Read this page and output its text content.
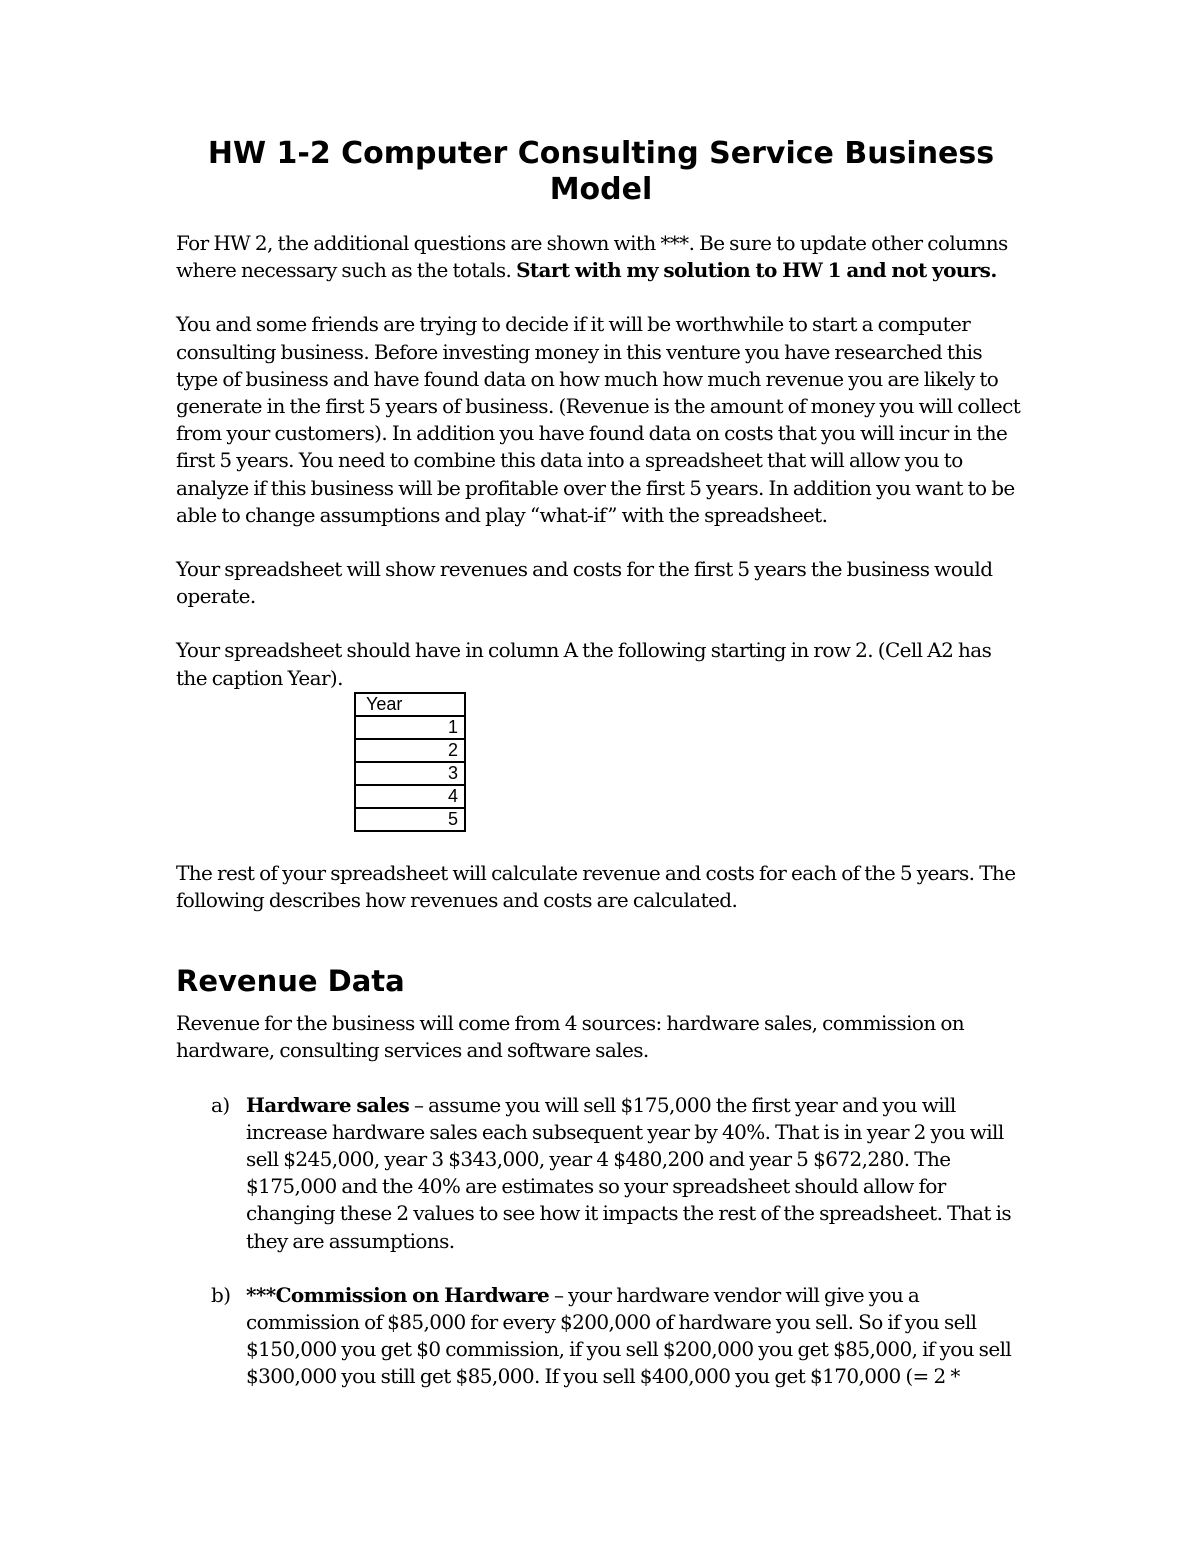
HW 1-2 Computer Consulting Service Business Model

For HW 2, the additional questions are shown with ***. Be sure to update other columns where necessary such as the totals. Start with my solution to HW 1 and not yours.

You and some friends are trying to decide if it will be worthwhile to start a computer consulting business. Before investing money in this venture you have researched this type of business and have found data on how much how much revenue you are likely to generate in the first 5 years of business. (Revenue is the amount of money you will collect from your customers). In addition you have found data on costs that you will incur in the first 5 years. You need to combine this data into a spreadsheet that will allow you to analyze if this business will be profitable over the first 5 years. In addition you want to be able to change assumptions and play “what-if” with the spreadsheet.

Your spreadsheet will show revenues and costs for the first 5 years the business would operate.

Your spreadsheet should have in column A the following starting in row 2. (Cell A2 has the caption Year).

Year
1
2
3
4
5

The rest of your spreadsheet will calculate revenue and costs for each of the 5 years. The following describes how revenues and costs are calculated.

Revenue Data

Revenue for the business will come from 4 sources: hardware sales, commission on hardware, consulting services and software sales.

a) Hardware sales – assume you will sell $175,000 the first year and you will increase hardware sales each subsequent year by 40%. That is in year 2 you will sell $245,000, year 3 $343,000, year 4 $480,200 and year 5 $672,280. The $175,000 and the 40% are estimates so your spreadsheet should allow for changing these 2 values to see how it impacts the rest of the spreadsheet. That is they are assumptions.
b) ***Commission on Hardware – your hardware vendor will give you a commission of $85,000 for every $200,000 of hardware you sell. So if you sell $150,000 you get $0 commission, if you sell $200,000 you get $85,000, if you sell $300,000 you still get $85,000. If you sell $400,000 you get $170,000 (= 2 *
